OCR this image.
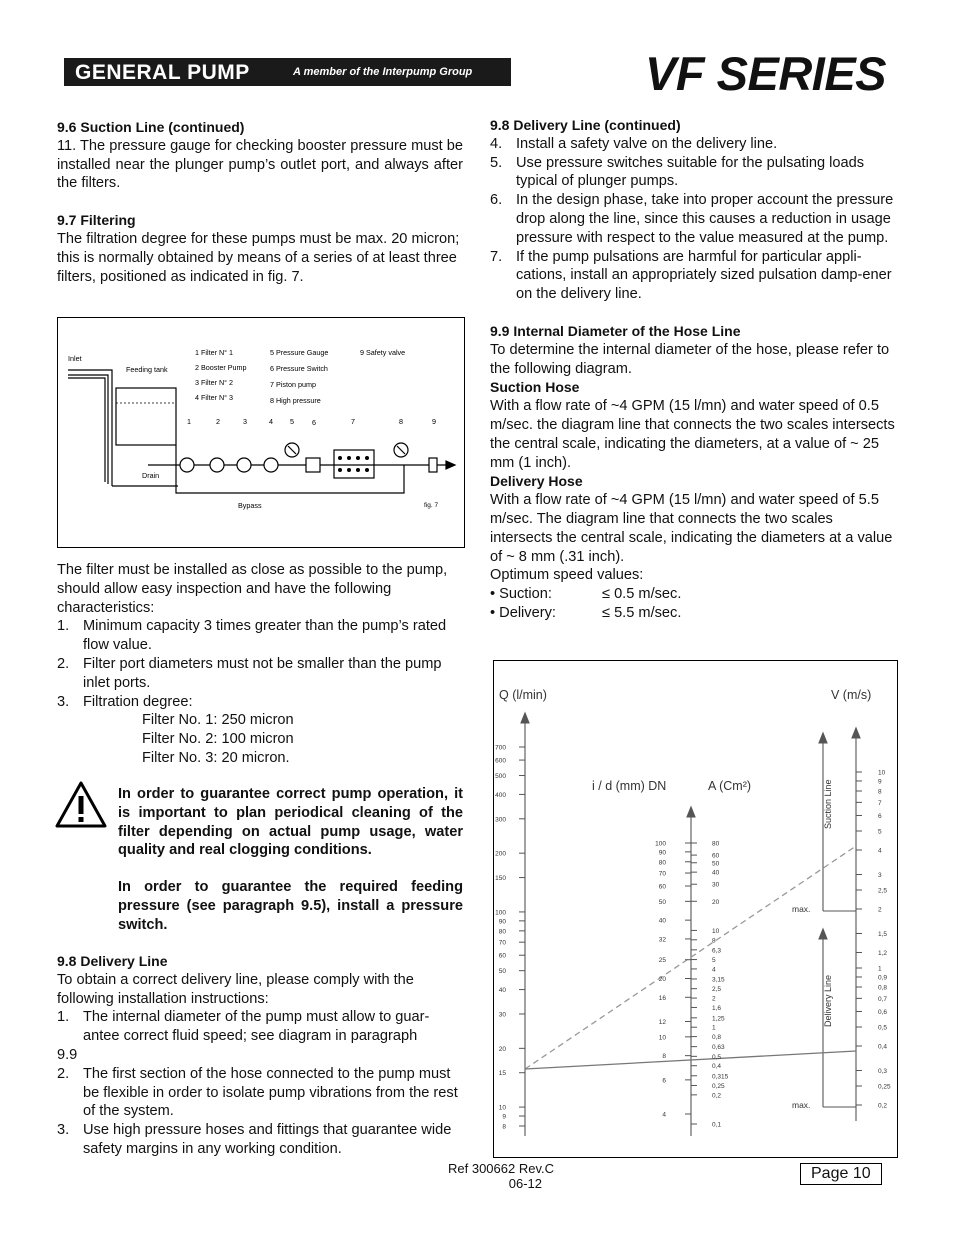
GENERAL PUMP	A member of the Interpump Group	VF SERIES

9.6 Suction Line (continued)

11. The pressure gauge for checking booster pressure must be installed near the plunger pump’s outlet port, and always after the filters.

9.7 Filtering

The filtration degree for these pumps must be max. 20 micron; this is normally obtained by means of a series of at least three filters, positioned as indicated in fig. 7.

Inlet
Feeding tank
Drain
Bypass	fig. 7
1 Filter N° 1
2 Booster Pump
3 Filter N° 2
4 Filter N° 3
5 Pressure Gauge
6 Pressure Switch
7 Piston pump
8 High pressure
9 Safety valve
1	2	3	4 5	6	7	8	9

The filter must be installed as close as possible to the pump, should allow easy inspection and have the following characteristics:

1. Minimum capacity 3 times greater than the pump’s rated flow value.
2. Filter port diameters must not be smaller than the pump inlet ports.
3. Filtration degree:

Filter No. 1: 250 micron

Filter No. 2: 100 micron

Filter No. 3: 20 micron.

In order to guarantee correct pump operation, it is important to plan periodical cleaning of the filter depending on actual pump usage, water quality and real clogging conditions.

In order to guarantee the required feeding pressure (see paragraph 9.5), install a pressure switch.

9.8 Delivery Line

To obtain a correct delivery line, please comply with the following installation instructions:

1. The internal diameter of the pump must allow to guar-antee correct fluid speed; see diagram in paragraph

9.9

2. The first section of the hose connected to the pump must be flexible in order to isolate pump vibrations from the rest of the system.
3. Use high pressure hoses and fittings that guarantee wide safety margins in any working condition.

9.8 Delivery Line (continued)

4. Install a safety valve on the delivery line.
5. Use pressure switches suitable for the pulsating loads typical of plunger pumps.
6. In the design phase, take into proper account the pressure drop along the line, since this causes a reduction in usage pressure with respect to the value measured at the pump.
7. If the pump pulsations are harmful for particular appli-cations, install an appropriately sized pulsation damp-ener on the delivery line.

9.9 Internal Diameter of the Hose Line

To determine the internal diameter of the hose, please refer to the following diagram.

Suction Hose

With a flow rate of ~4 GPM (15 l/mn) and water speed of 0.5 m/sec. the diagram line that connects the two scales intersects the central scale, indicating the diameters, at a value of ~ 25 mm (1 inch).

Delivery Hose

With a flow rate of ~4 GPM (15 l/mn) and water speed of 5.5 m/sec. The diagram line that connects the two scales intersects the central scale, indicating the diameters at a value of ~ 8 mm (.31 inch).

Optimum speed values:

• Suction:	≤ 0.5 m/sec.

• Delivery:	≤ 5.5 m/sec.

Q (l/min)	V (m/s)
i / d (mm) DN	A (Cm²)	Suction Line
Delivery Line
max.
max.
700
600
500
400
300
200
150
100
90
80
70
60
50
40
30
20
15
10
9
8
100
90
80
70
60
50
40
32
25
20
16
12
10
8
6
4
80
60
50
40
30
20
10
8
6,3
5
4
3,15
2,5
2
1,6
1,25
1
0,8
0,63
0,5
0,4
0,315
0,25
0,2
0,1
0,2
0,25
0,3
0,4
0,5
0,6
0,7
0,8
0,9
1
1,2
1,5
2
2,5
3
4
5
6
7
8
9
10
Ref 300662 Rev.C
06-12
Page 10
